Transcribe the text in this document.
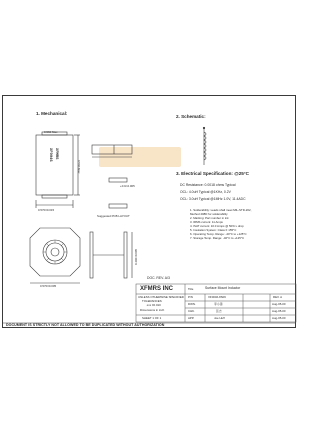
1. Mechanical:
2. Schematic:
3. Electrical Specification: @25°C
XFMRS
XF0046
0.560 Max
0.560 Max
0.570±0.015
+0.0/-0.005
0.570±0.005
0.490±0.005
Suggested PCB LAYOUT
DC Resistance: 0.0018 ohms Typical
OCL: 4.0uH Typical @1KHz, 0.2V
OCL: 3.0uH Typical @1MHz 1.0V, 11.4ADC
1. Solderability: Leads shall meet MIL-STD-202,
Method 208D for solderability
2. Marking: Part number in ink
3. IRMS current: 11 Amps
4. ISAT current: 10.0 Amps @ 50% L drop
5. Insulation System: Class F 155°C
6. Operating Temp. Range: -40°C to +125°C
7. Storage Temp. Range: -40°C to +125°C
DOC. REV. A/3
XFMRS INC	Title	Surface Mount Inductor
UNLESS OTHERWISE SPECIFIED
TOLERANCES:
.xxx ±0.010
Dimensions in inch
P/N	XF0046-8S06	REV. A
DWN.	李小锋	Aug-05-00
CHK.	张志	Aug-05-00
SHEET 1 OF 1	APP.	Joe Huff	Aug-05-00
DOCUMENT IS STRICTLY NOT ALLOWED TO BE DUPLICATED WITHOUT AUTHORIZATION
